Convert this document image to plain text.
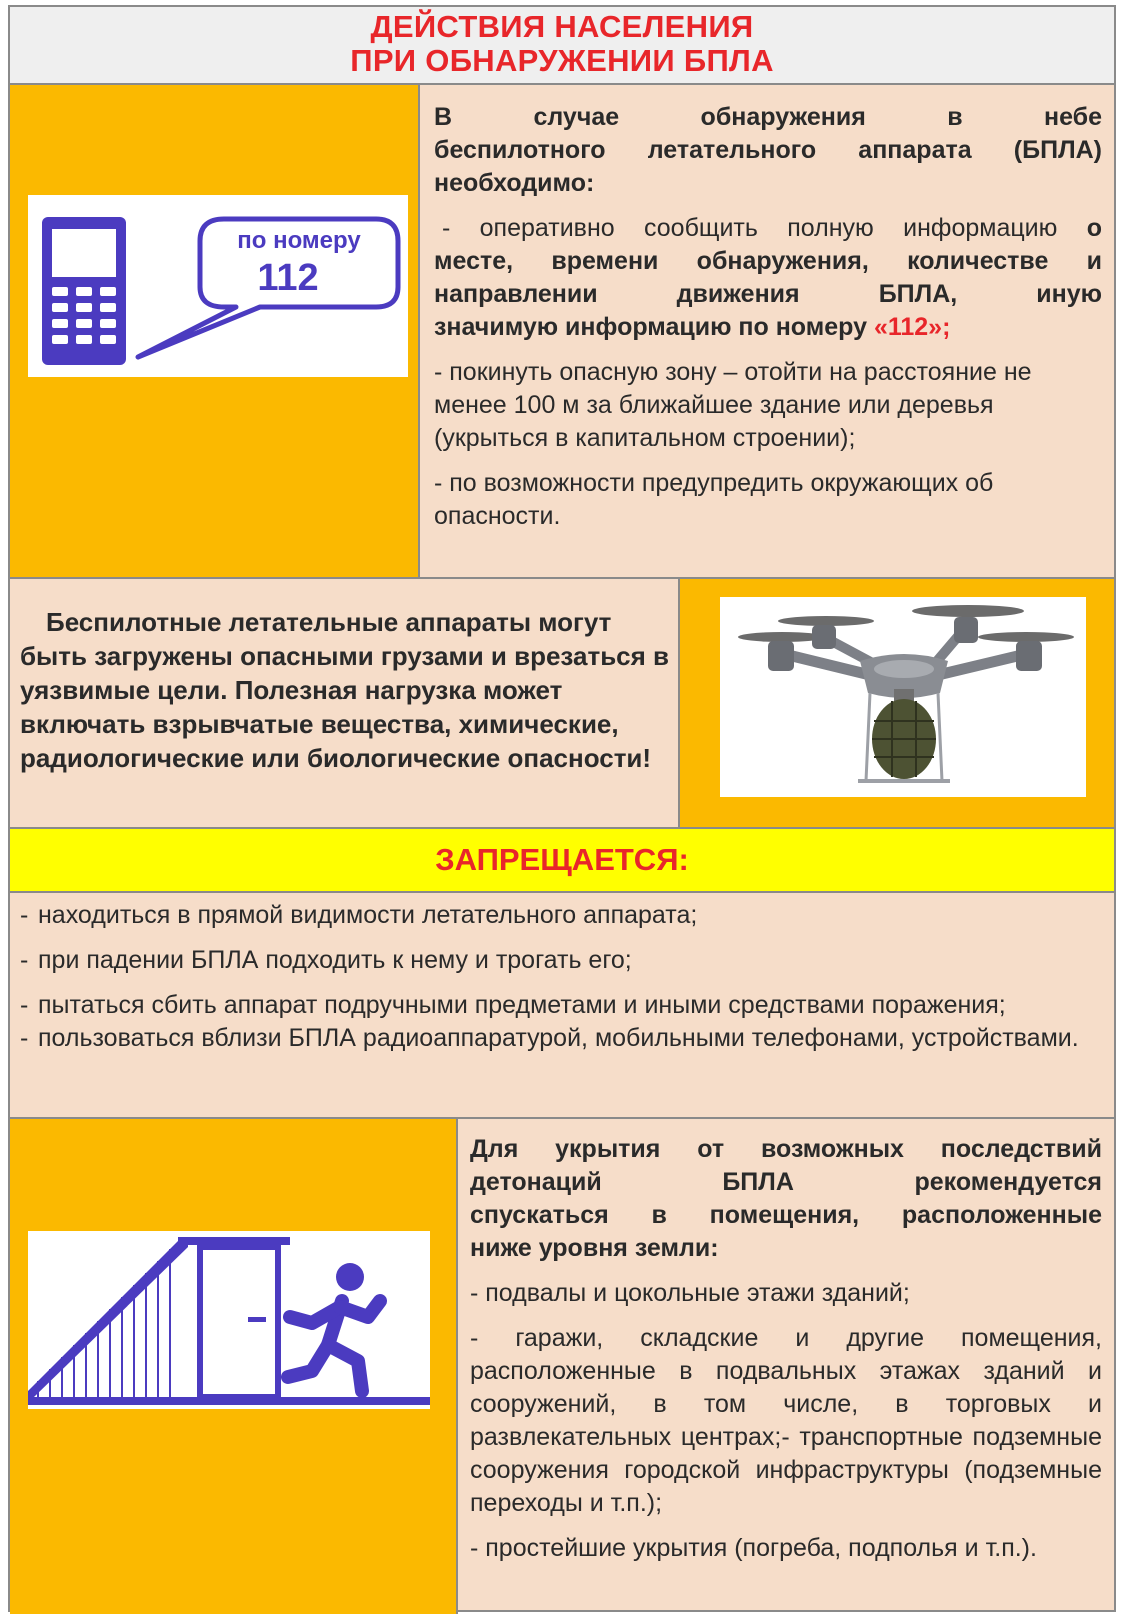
ДЕЙСТВИЯ НАСЕЛЕНИЯ
ПРИ ОБНАРУЖЕНИИ БПЛА
по номеру
112
В случае обнаружения в небе
беспилотного летательного аппарата (БПЛА)
необходимо:
- оперативно сообщить полную информацию о
месте, времени обнаружения, количестве и
направлении движения БПЛА, иную
значимую информацию по номеру «112»;
- покинуть опасную зону – отойти на расстояние не менее 100 м за ближайшее здание или деревья (укрыться в капитальном строении);
- по возможности предупредить окружающих об опасности.
Беспилотные летательные аппараты могут быть загружены опасными грузами и врезаться в уязвимые цели. Полезная нагрузка может включать взрывчатые вещества, химические, радиологические или биологические опасности!
ЗАПРЕЩАЕТСЯ:
- находиться в прямой видимости летательного аппарата;
- при падении БПЛА подходить к нему и трогать его;
- пытаться сбить аппарат подручными предметами и иными средствами поражения;
- пользоваться вблизи БПЛА радиоаппаратурой, мобильными телефонами, устройствами.
Для укрытия от возможных последствий
детонаций БПЛА рекомендуется
спускаться в помещения, расположенные
ниже уровня земли:
- подвалы и цокольные этажи зданий;
- гаражи, складские и другие помещения, расположенные в подвальных этажах зданий и сооружений, в том числе, в торговых и развлекательных центрах;- транспортные подземные сооружения городской инфраструктуры (подземные переходы и т.п.);
- простейшие укрытия (погреба, подполья и т.п.).
